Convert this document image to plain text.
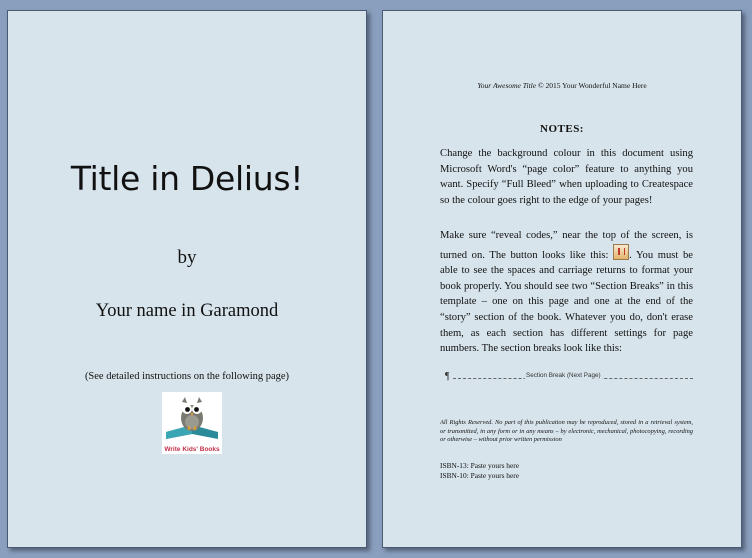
Title in Delius!
by
Your name in Garamond
(See detailed instructions on the following page)
Write Kids' Books
Your Awesome Title © 2015 Your Wonderful Name Here
NOTES:
Change the background colour in this document using Microsoft Word's “page color” feature to anything you want. Specify “Full Bleed” when uploading to Createspace so the colour goes right to the edge of your pages!
Make sure “reveal codes,” near the top of the screen, is turned on. The button looks like this: . You must be able to see the spaces and carriage returns to format your book properly. You should see two “Section Breaks” in this template – one on this page and one at the end of the “story” section of the book. Whatever you do, don't erase them, as each section has different settings for page numbers. The section breaks look like this:
¶	Section Break (Next Page)
All Rights Reserved. No part of this publication may be reproduced, stored in a retrieval system, or transmitted, in any form or in any means – by electronic, mechanical, photocopying, recording or otherwise – without prior written permission
ISBN-13: Paste yours here
ISBN-10: Paste yours here
